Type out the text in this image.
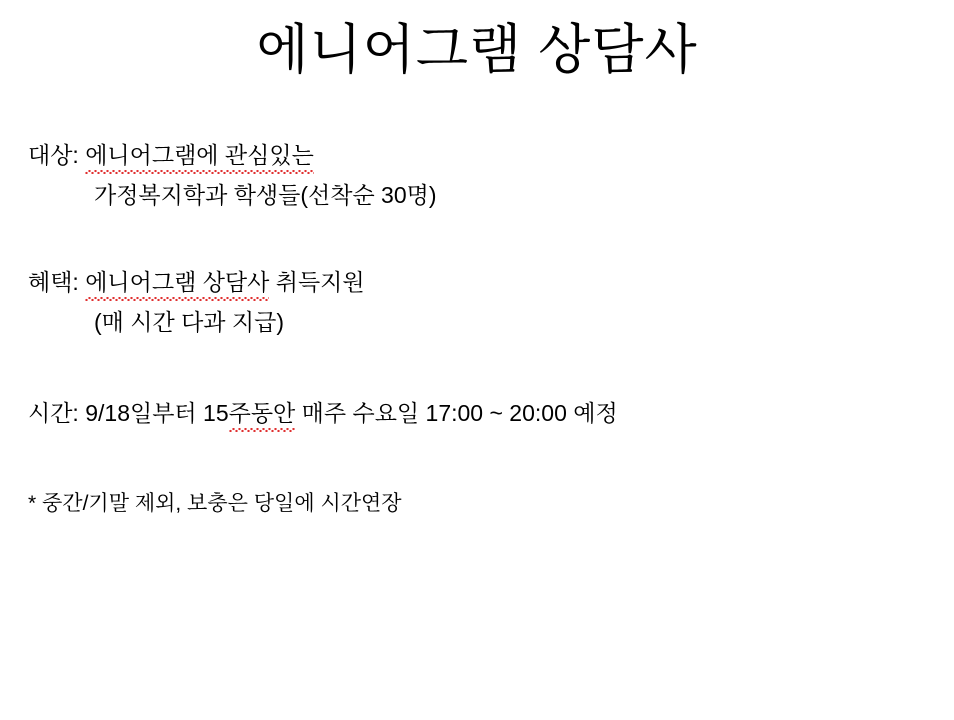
에니어그램 상담사

대상: 에니어그램에 관심있는

가정복지학과 학생들(선착순 30명)

혜택: 에니어그램 상담사 취득지원

(매 시간 다과 지급)

시간: 9/18일부터 15주동안 매주 수요일 17:00 ~ 20:00 예정

* 중간/기말 제외, 보충은 당일에 시간연장
